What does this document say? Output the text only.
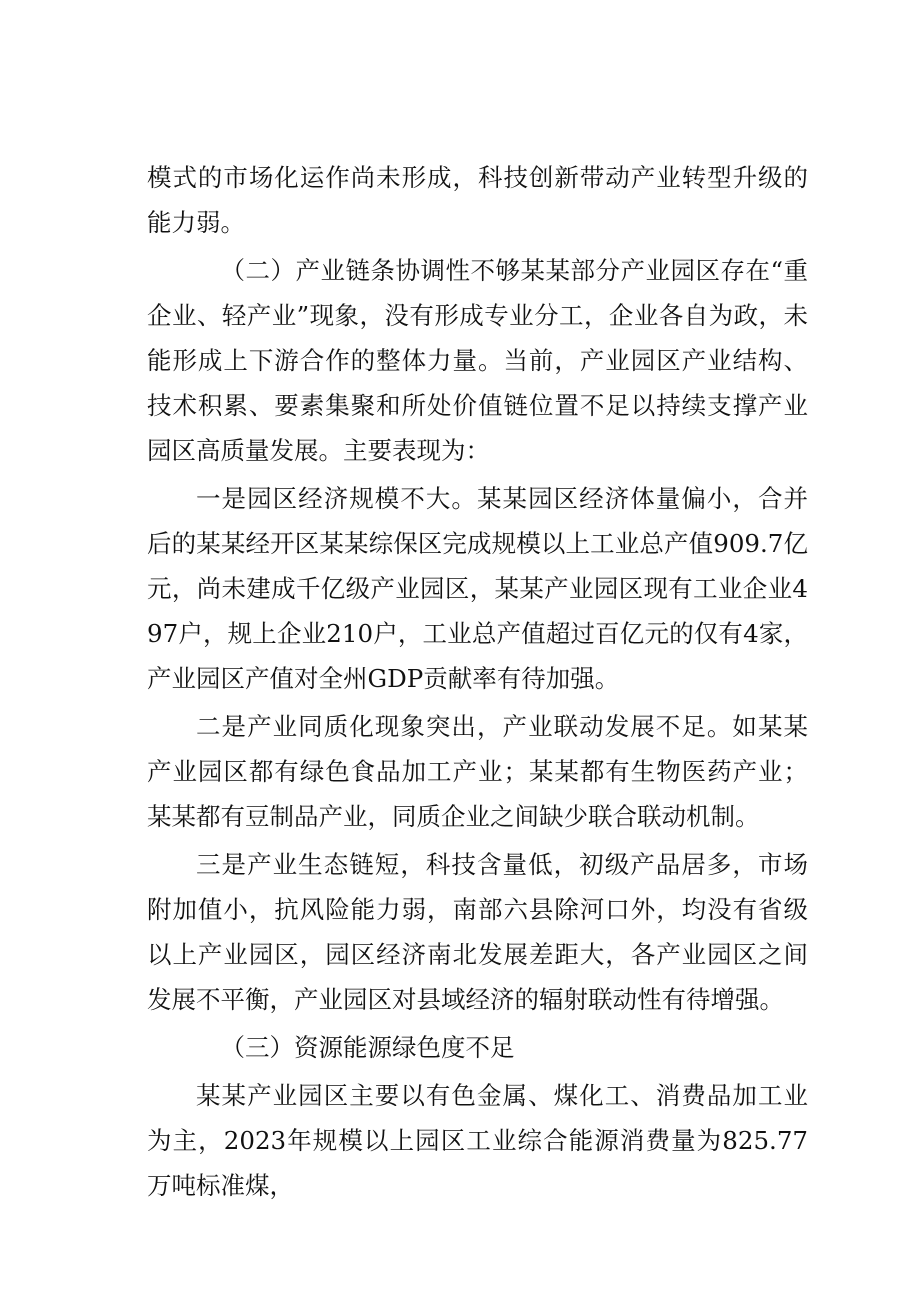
模式的市场化运作尚未形成，科技创新带动产业转型升级的能力弱。

（二）产业链条协调性不够某某部分产业园区存在“重企业、轻产业”现象，没有形成专业分工，企业各自为政，未能形成上下游合作的整体力量。当前，产业园区产业结构、技术积累、要素集聚和所处价值链位置不足以持续支撑产业园区高质量发展。主要表现为：

一是园区经济规模不大。某某园区经济体量偏小，合并后的某某经开区某某综保区完成规模以上工业总产值909.7亿元，尚未建成千亿级产业园区，某某产业园区现有工业企业497户，规上企业210户，工业总产值超过百亿元的仅有4家，产业园区产值对全州GDP贡献率有待加强。

二是产业同质化现象突出，产业联动发展不足。如某某产业园区都有绿色食品加工产业；某某都有生物医药产业；某某都有豆制品产业，同质企业之间缺少联合联动机制。

三是产业生态链短，科技含量低，初级产品居多，市场附加值小，抗风险能力弱，南部六县除河口外，均没有省级以上产业园区，园区经济南北发展差距大，各产业园区之间发展不平衡，产业园区对县域经济的辐射联动性有待增强。

（三）资源能源绿色度不足

某某产业园区主要以有色金属、煤化工、消费品加工业为主，2023年规模以上园区工业综合能源消费量为825.77万吨标准煤，
